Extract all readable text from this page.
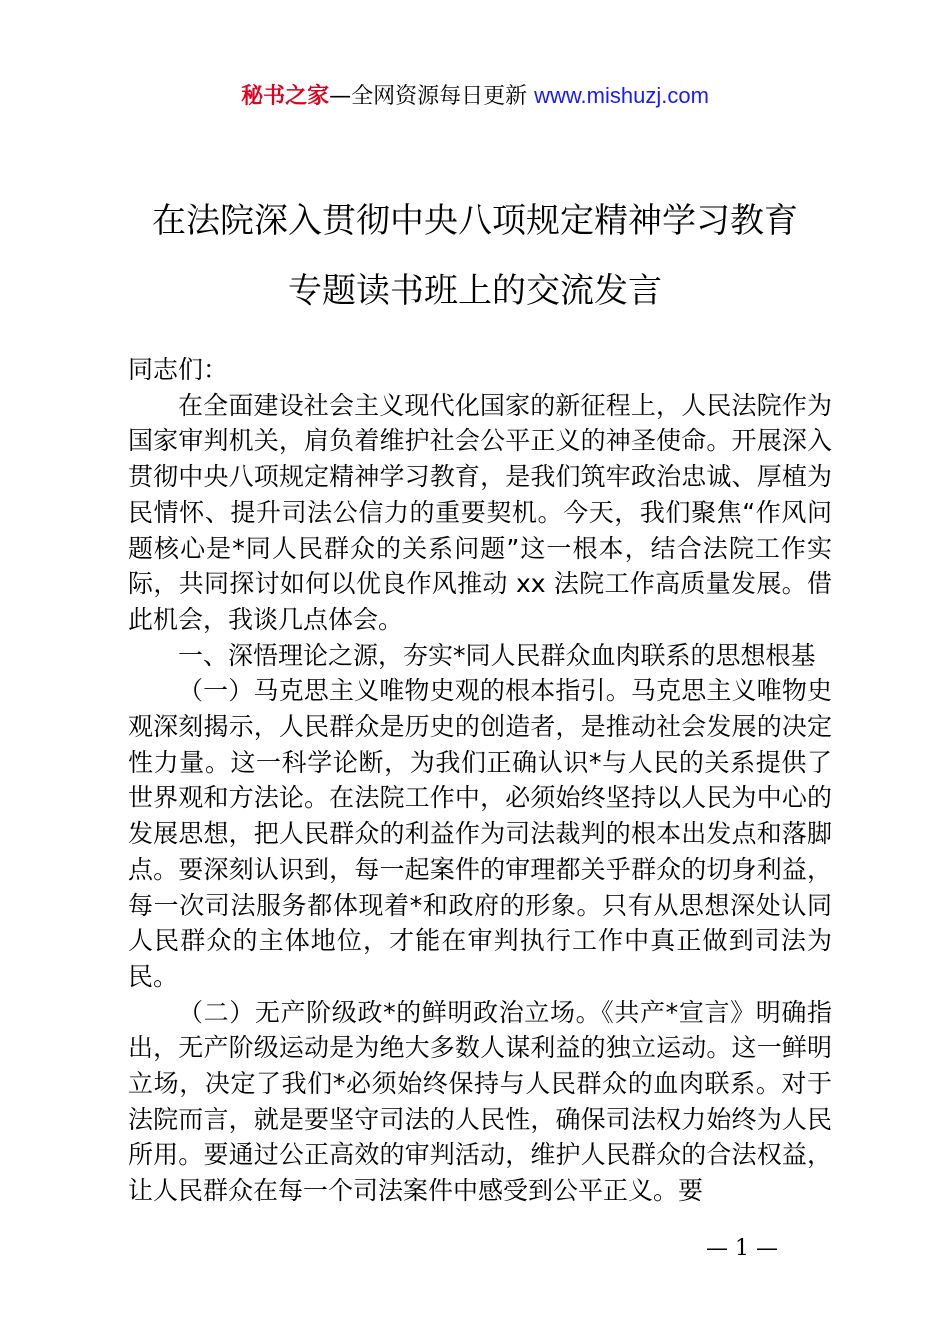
秘书之家—全网资源每日更新 www.mishuzj.com
在法院深入贯彻中央八项规定精神学习教育
专题读书班上的交流发言

同志们：

在全面建设社会主义现代化国家的新征程上，人民法院作为国家审判机关，肩负着维护社会公平正义的神圣使命。开展深入贯彻中央八项规定精神学习教育，是我们筑牢政治忠诚、厚植为民情怀、提升司法公信力的重要契机。今天，我们聚焦“作风问题核心是*同人民群众的关系问题”这一根本，结合法院工作实际，共同探讨如何以优良作风推动 xx 法院工作高质量发展。借此机会，我谈几点体会。

一、深悟理论之源，夯实*同人民群众血肉联系的思想根基

（一）马克思主义唯物史观的根本指引。马克思主义唯物史观深刻揭示，人民群众是历史的创造者，是推动社会发展的决定性力量。这一科学论断，为我们正确认识*与人民的关系提供了世界观和方法论。在法院工作中，必须始终坚持以人民为中心的发展思想，把人民群众的利益作为司法裁判的根本出发点和落脚点。要深刻认识到，每一起案件的审理都关乎群众的切身利益，每一次司法服务都体现着*和政府的形象。只有从思想深处认同人民群众的主体地位，才能在审判执行工作中真正做到司法为民。

（二）无产阶级政*的鲜明政治立场。《共产*宣言》明确指出，无产阶级运动是为绝大多数人谋利益的独立运动。这一鲜明立场，决定了我们*必须始终保持与人民群众的血肉联系。对于法院而言，就是要坚守司法的人民性，确保司法权力始终为人民所用。要通过公正高效的审判活动，维护人民群众的合法权益，让人民群众在每一个司法案件中感受到公平正义。要

— 1 —
